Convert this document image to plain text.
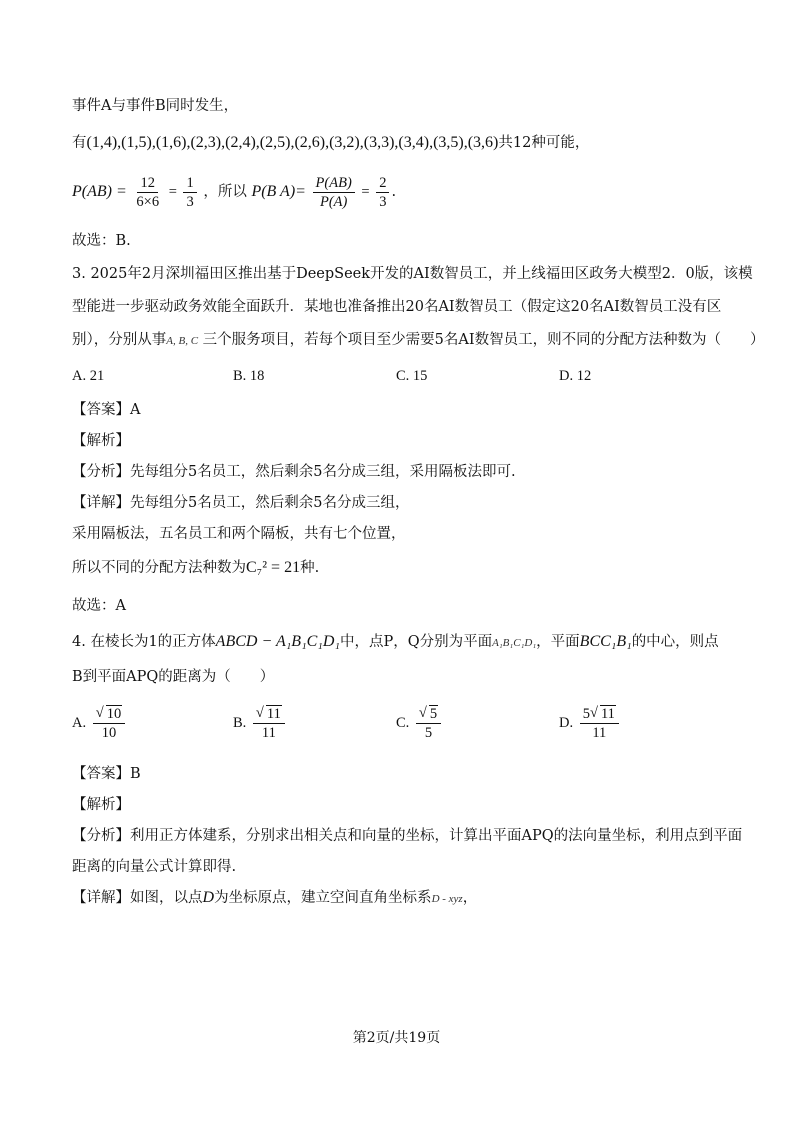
事件A与事件B同时发生，
有(1,4),(1,5),(1,6),(2,3),(2,4),(2,5),(2,6),(3,2),(3,3),(3,4),(3,5),(3,6)共12种可能，
$P(AB) = \frac{12}{6\times 6} = \frac{1}{3}$ ，所以 P(B $A)= \frac{P(AB)}{P(A)} = \frac{2}{3}$ .
故选：B.
3. 2025年2月深圳福田区推出基于DeepSeek开发的AI数智员工，并上线福田区政务大模型2．0版，该模
型能进一步驱动政务效能全面跃升．某地也准备推出20名AI数智员工（假定这20名AI数智员工没有区
别），分别从事A, B, C 三个服务项目，若每个项目至少需要5名AI数智员工，则不同的分配方法种数为（　　）
A. 21	B. 18	C. 15	D. 12
【答案】A
【解析】
【分析】先每组分5名员工，然后剩余5名分成三组，采用隔板法即可.
【详解】先每组分5名员工，然后剩余5名分成三组，
采用隔板法，五名员工和两个隔板，共有七个位置，
所以不同的分配方法种数为C₇² = 21种.
故选：A
4. 在棱长为1的正方体ABCD − A₁B₁C₁D₁中，点P，Q分别为平面A₁B₁C₁D₁，平面BCC₁B₁的中心，则点
B到平面APQ的距离为（　　）
A. √ $\frac{10}{10}$	B. √ $\frac{11}{11}$	C. √ $\frac{5}{5}$	D. $\frac{5 √ 11}{11}$
【答案】B
【解析】
【分析】利用正方体建系，分别求出相关点和向量的坐标，计算出平面APQ的法向量坐标，利用点到平面
距离的向量公式计算即得.
【详解】如图，以点D为坐标原点，建立空间直角坐标系D - xyz，
第2页/共19页
